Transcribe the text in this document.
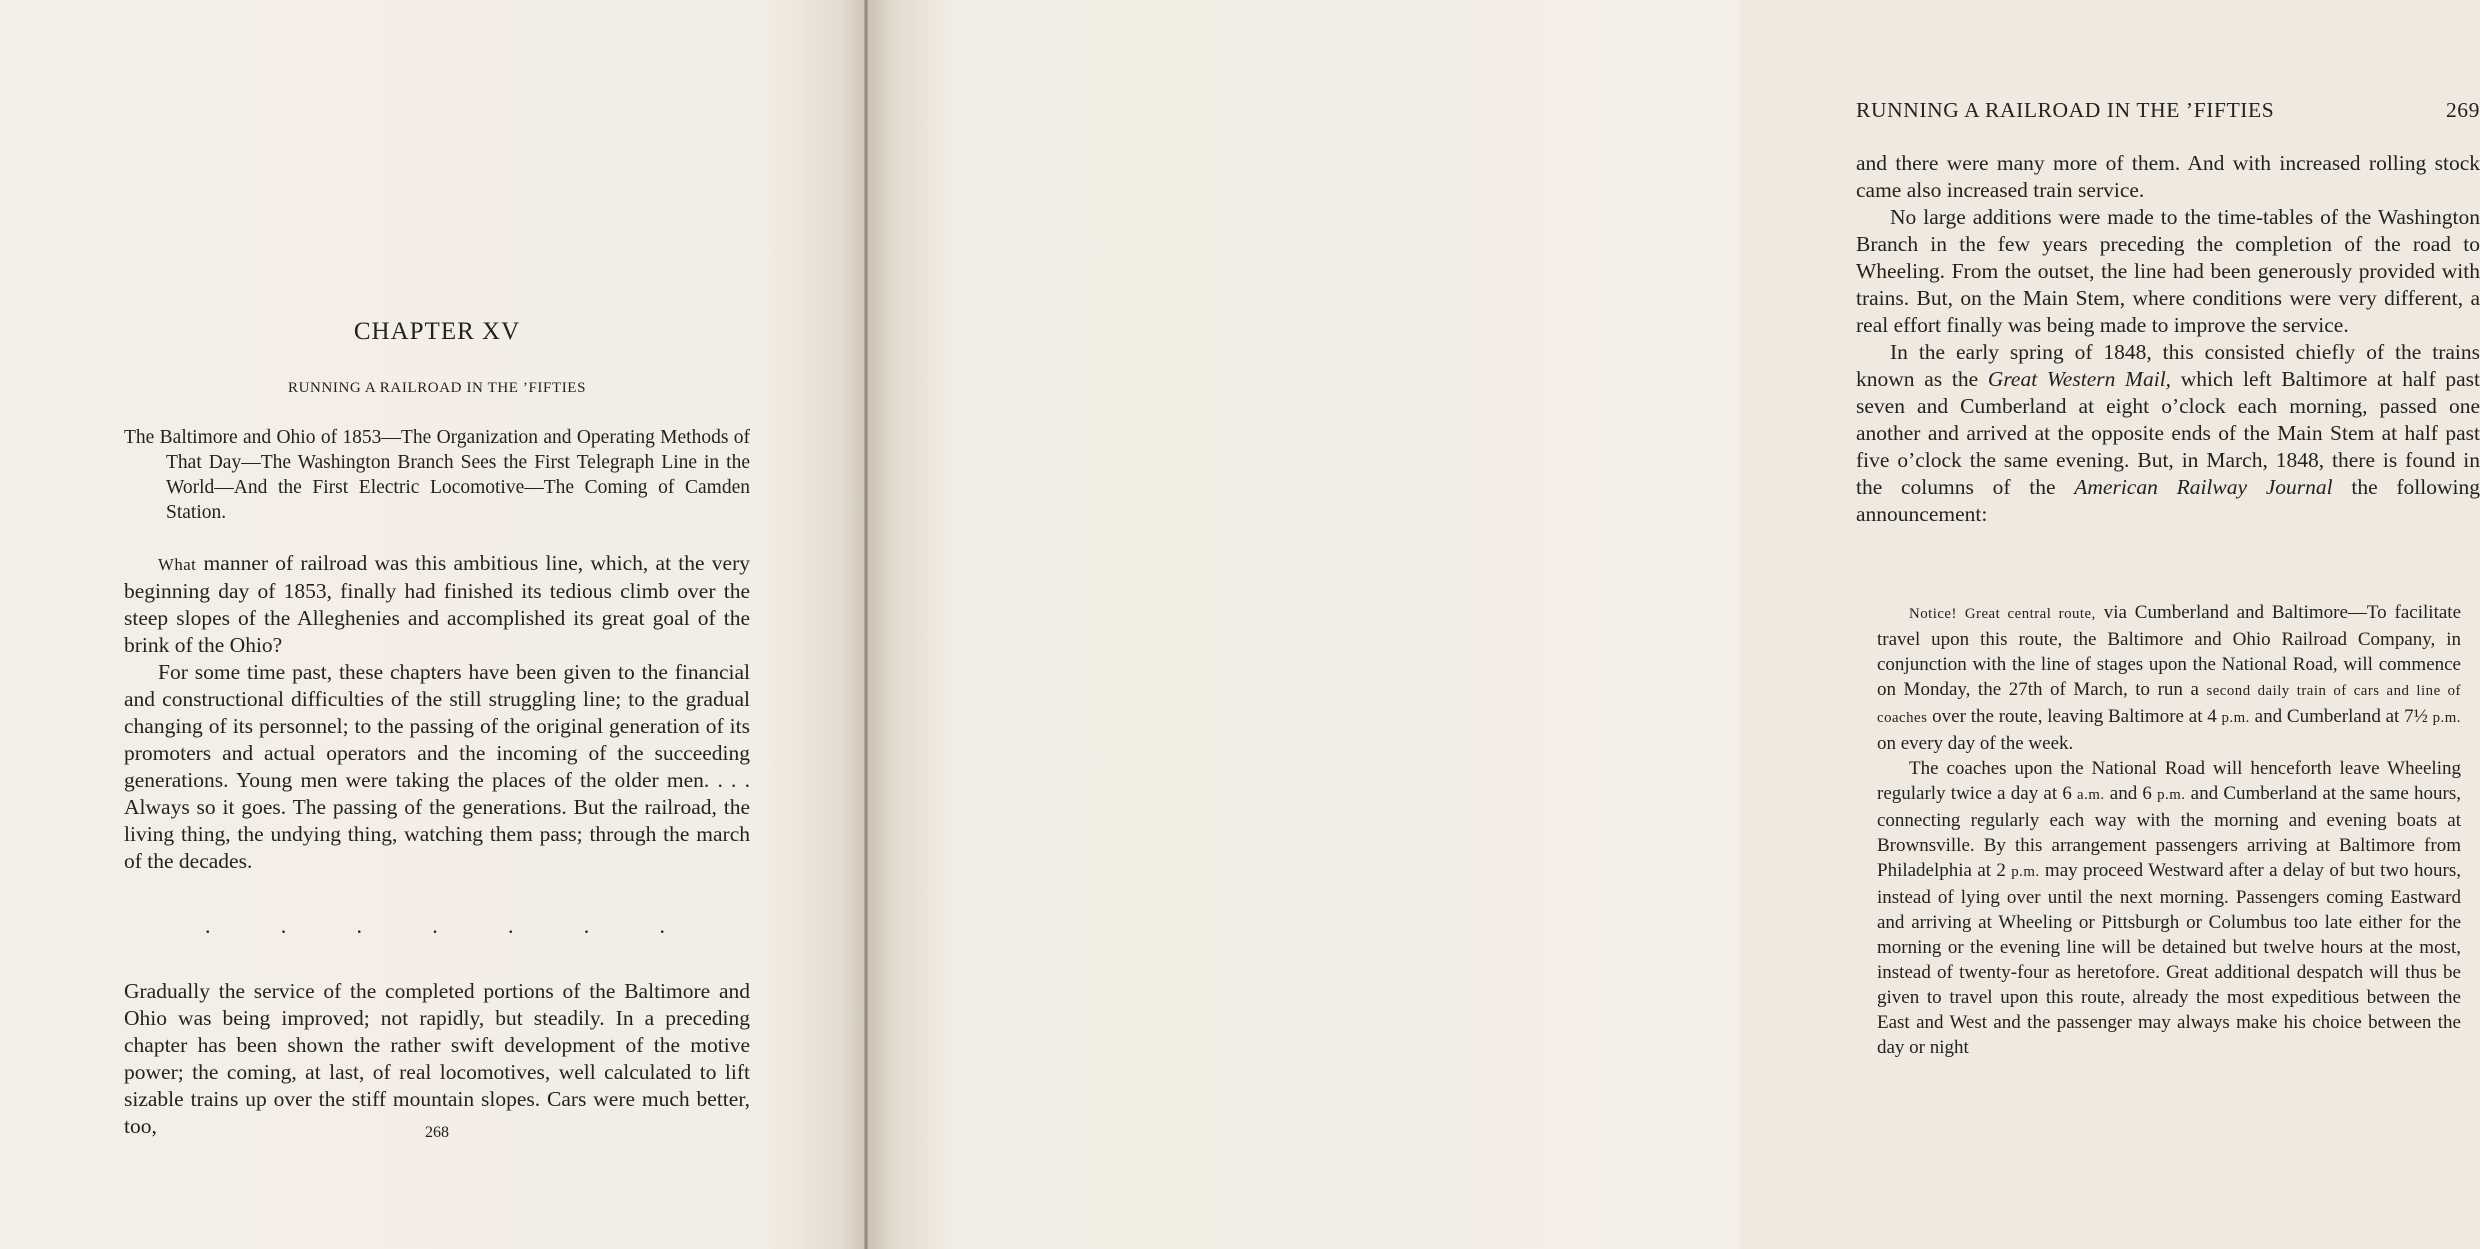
CHAPTER XV
RUNNING A RAILROAD IN THE ’FIFTIES
The Baltimore and Ohio of 1853—The Organization and Operating Methods of That Day—The Washington Branch Sees the First Telegraph Line in the World—And the First Electric Locomotive—The Coming of Camden Station.

What manner of railroad was this ambitious line, which, at the very beginning day of 1853, finally had finished its tedious climb over the steep slopes of the Alleghenies and accomplished its great goal of the brink of the Ohio?

For some time past, these chapters have been given to the financial and constructional difficulties of the still struggling line; to the gradual changing of its personnel; to the passing of the original generation of its promoters and actual operators and the incoming of the succeeding generations. Young men were taking the places of the older men. . . . Always so it goes. The passing of the generations. But the railroad, the living thing, the undying thing, watching them pass; through the march of the decades.

.	.	.	.	.	.	.

Gradually the service of the completed portions of the Baltimore and Ohio was being improved; not rapidly, but steadily. In a preceding chapter has been shown the rather swift development of the motive power; the coming, at last, of real locomotives, well calculated to lift sizable trains up over the stiff mountain slopes. Cars were much better, too,	268
RUNNING A RAILROAD IN THE ’FIFTIES	269

and there were many more of them. And with increased rolling stock came also increased train service.

No large additions were made to the time-tables of the Washington Branch in the few years preceding the completion of the road to Wheeling. From the outset, the line had been generously provided with trains. But, on the Main Stem, where conditions were very different, a real effort finally was being made to improve the service.

In the early spring of 1848, this consisted chiefly of the trains known as the Great Western Mail, which left Baltimore at half past seven and Cumberland at eight o’clock each morning, passed one another and arrived at the opposite ends of the Main Stem at half past five o’clock the same evening. But, in March, 1848, there is found in the columns of the American Railway Journal the following announcement:

Notice! Great central route, via Cumberland and Baltimore—To facilitate travel upon this route, the Baltimore and Ohio Railroad Company, in conjunction with the line of stages upon the National Road, will commence on Monday, the 27th of March, to run a second daily train of cars and line of coaches over the route, leaving Baltimore at 4 p.m. and Cumberland at 7½ p.m. on every day of the week.

The coaches upon the National Road will henceforth leave Wheeling regularly twice a day at 6 a.m. and 6 p.m. and Cumberland at the same hours, connecting regularly each way with the morning and evening boats at Brownsville. By this arrangement passengers arriving at Baltimore from Philadelphia at 2 p.m. may proceed Westward after a delay of but two hours, instead of lying over until the next morning. Passengers coming Eastward and arriving at Wheeling or Pittsburgh or Columbus too late either for the morning or the evening line will be detained but twelve hours at the most, instead of twenty-four as heretofore. Great additional despatch will thus be given to travel upon this route, already the most expeditious between the East and West and the passenger may always make his choice between the day or night
